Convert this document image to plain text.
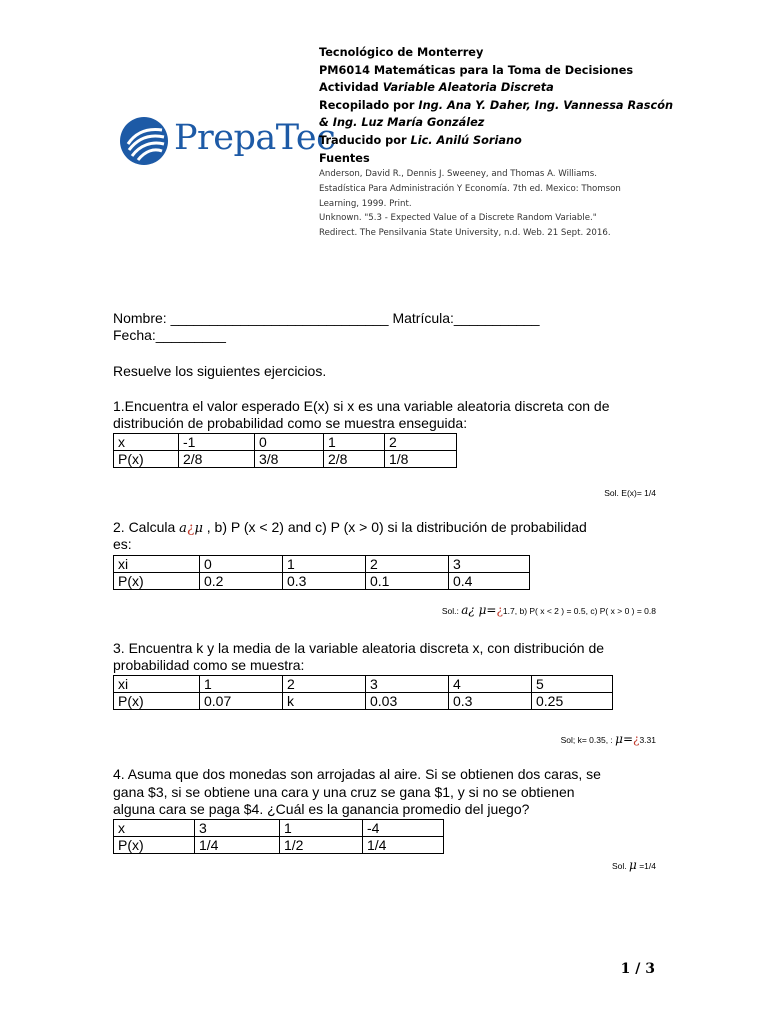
PrepaTec
Tecnológico de Monterrey
PM6014 Matemáticas para la Toma de Decisiones
Actividad Variable Aleatoria Discreta
Recopilado por Ing. Ana Y. Daher, Ing. Vannessa Rascón
& Ing. Luz María González
Traducido por Lic. Anilú Soriano
Fuentes
Anderson, David R., Dennis J. Sweeney, and Thomas A. Williams.
Estadística Para Administración Y Economía. 7th ed. Mexico: Thomson
Learning, 1999. Print.
Unknown. "5.3 - Expected Value of a Discrete Random Variable."
Redirect. The Pensilvania State University, n.d. Web. 21 Sept. 2016.
Nombre: ____________________________ Matrícula:___________
Fecha:_________
Resuelve los siguientes ejercicios.
1.Encuentra el valor esperado E(x) si x es una variable aleatoria discreta con de
distribución de probabilidad como se muestra enseguida:
x	-1	0	1	2
P(x)	2/8	3/8	2/8	1/8
Sol. E(x)= 1/4
2. Calcula a¿μ , b) P (x < 2) and c) P (x > 0) si la distribución de probabilidad
es:
xi	0	1	2	3
P(x)	0.2	0.3	0.1	0.4
Sol.: a¿ μ=¿1.7, b) P( x < 2 ) = 0.5, c) P( x > 0 ) = 0.8
3. Encuentra k y la media de la variable aleatoria discreta x, con distribución de
probabilidad como se muestra:
xi	1	2	3	4	5
P(x)	0.07	k	0.03	0.3	0.25
Sol; k= 0.35, : μ=¿3.31
4. Asuma que dos monedas son arrojadas al aire. Si se obtienen dos caras, se
gana $3, si se obtiene una cara y una cruz se gana $1, y si no se obtienen
alguna cara se paga $4. ¿Cuál es la ganancia promedio del juego?
x	3	1	-4
P(x)	1/4	1/2	1/4
Sol. μ =1/4
1 / 3
